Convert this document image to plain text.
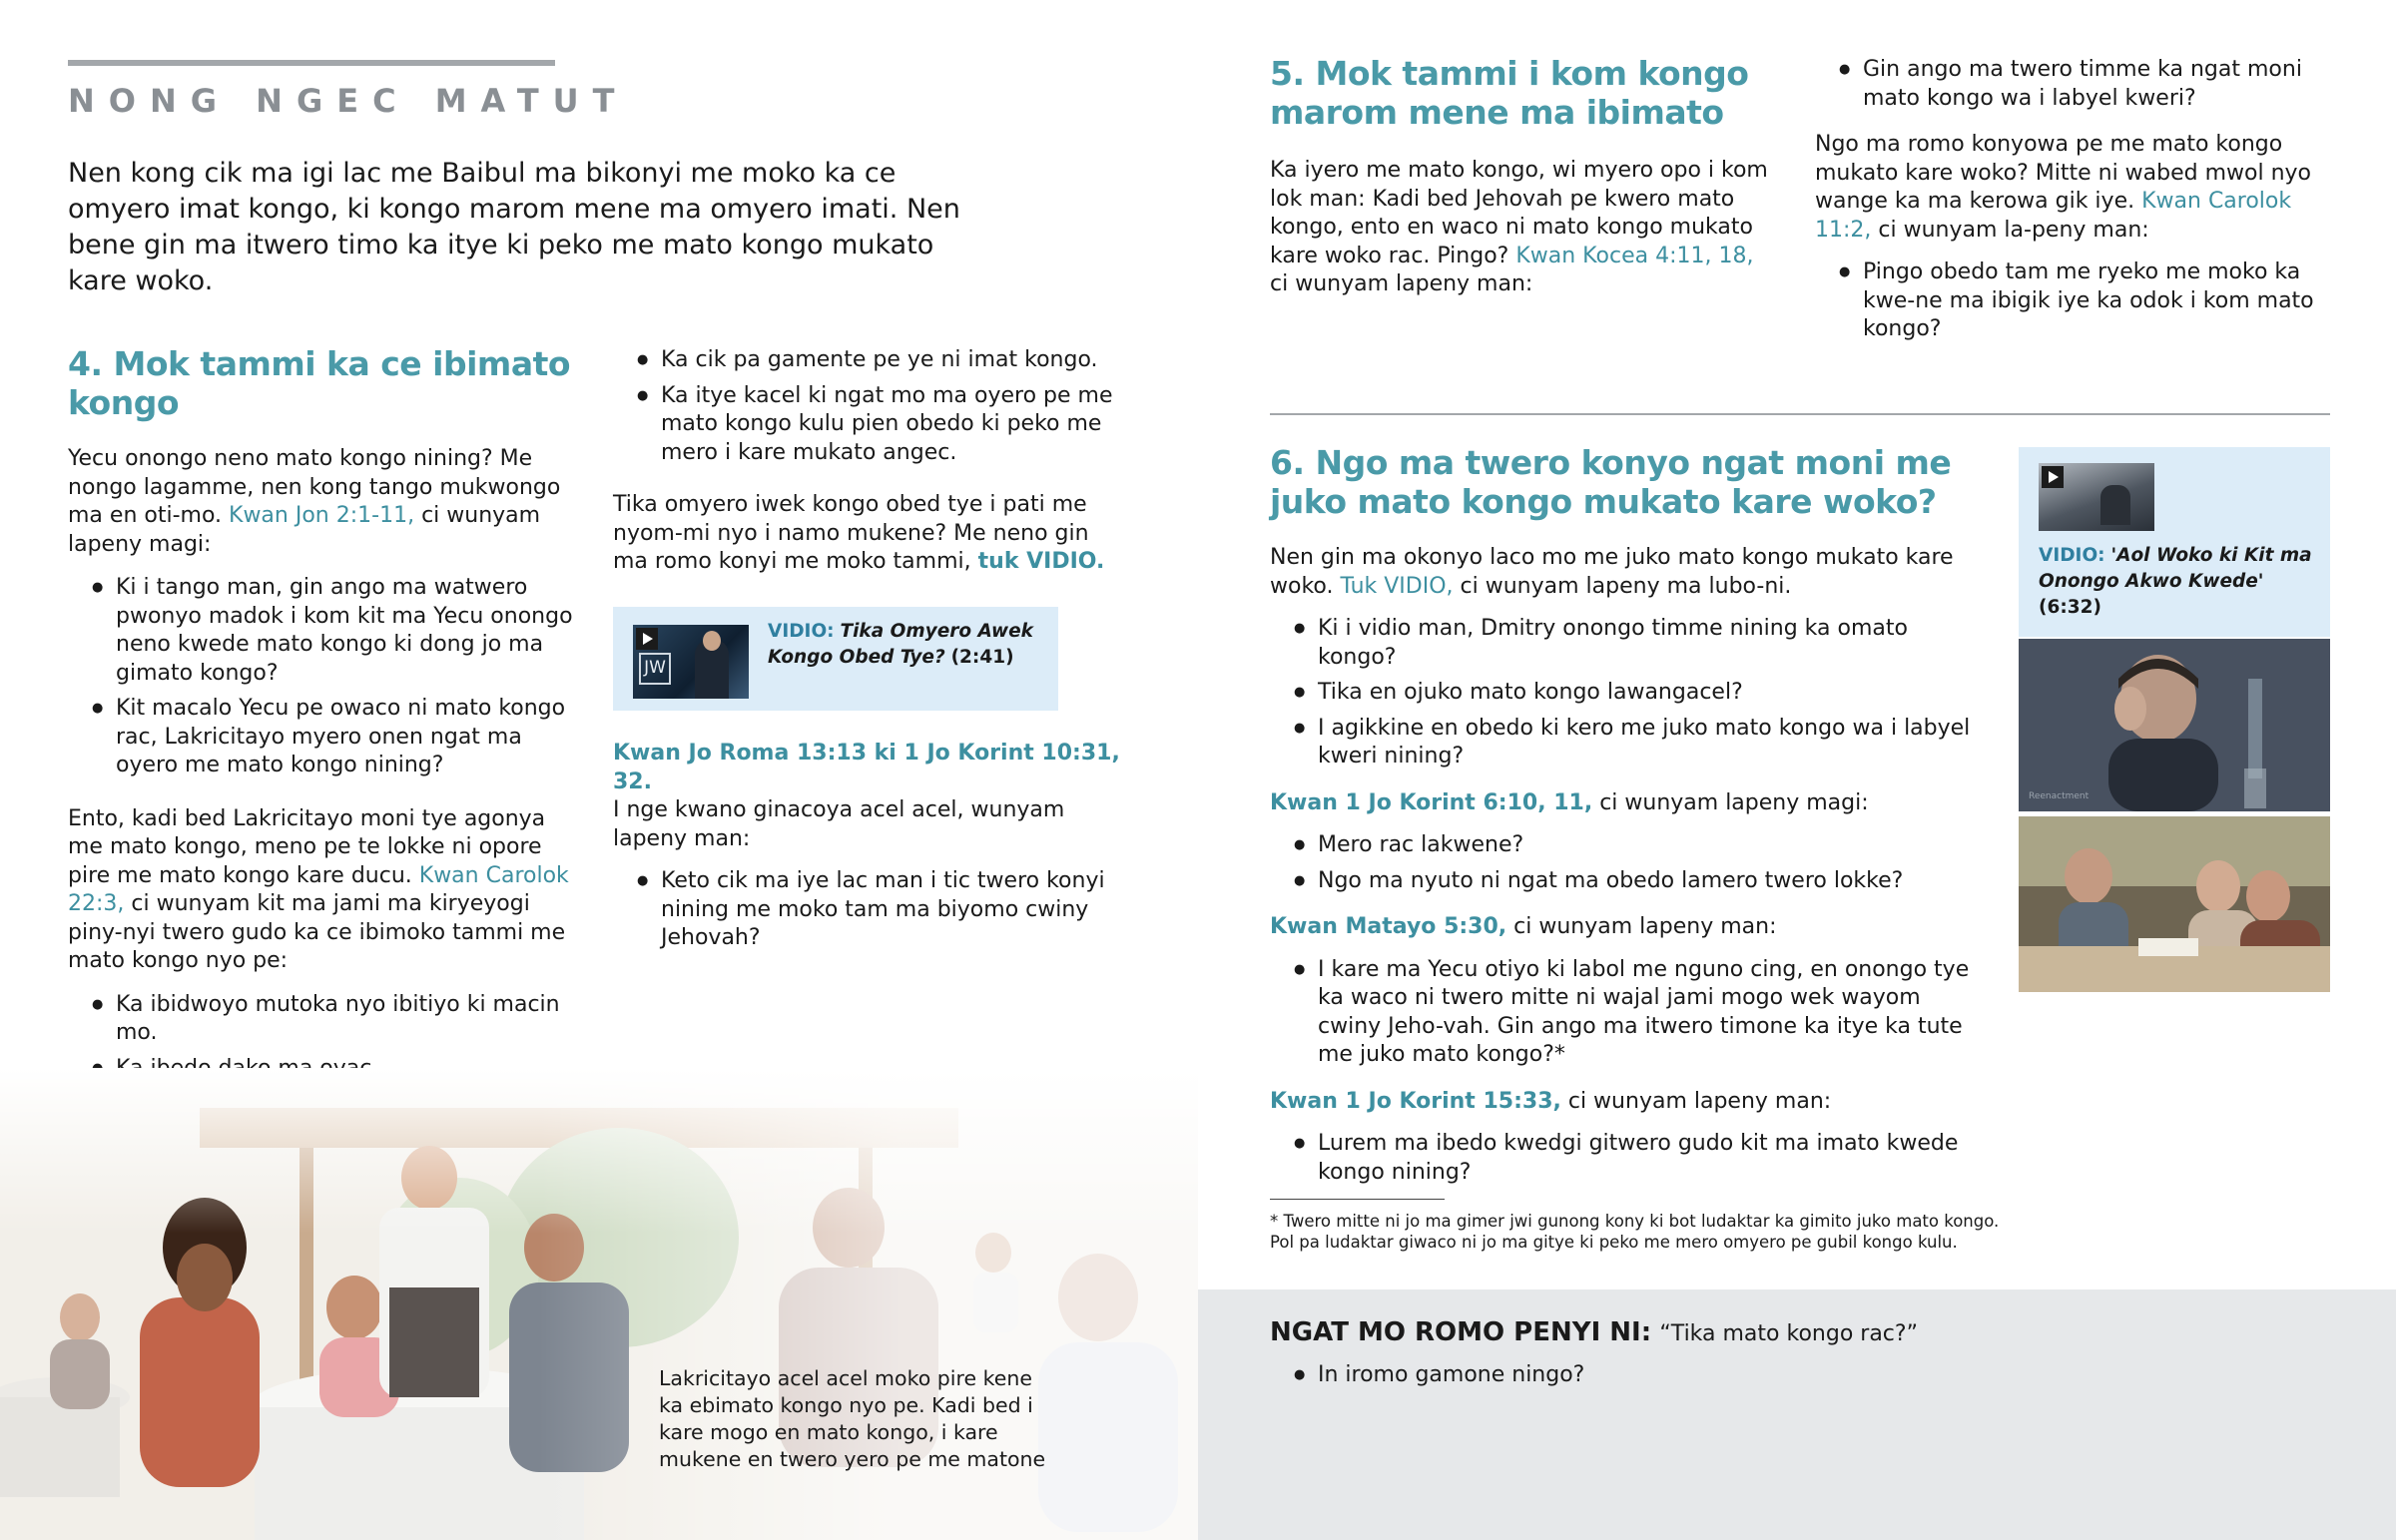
NONG NGEC MATUT

Nen kong cik ma igi lac me Baibul ma bikonyi me moko ka ce omyero imat kongo, ki kongo marom mene ma omyero imati. Nen bene gin ma itwero timo ka itye ki peko me mato kongo mukato kare woko.

4. Mok tammi ka ce ibimato
kongo

Yecu onongo neno mato kongo nining? Me nongo lagamme, nen kong tango mukwongo ma en oti-mo. Kwan Jon 2:1-11, ci wunyam lapeny magi:

● Ki i tango man, gin ango ma watwero pwonyo madok i kom kit ma Yecu onongo neno kwede mato kongo ki dong jo ma gimato kongo?
● Kit macalo Yecu pe owaco ni mato kongo rac, Lakricitayo myero onen ngat ma oyero me mato kongo nining?

Ento, kadi bed Lakricitayo moni tye agonya me mato kongo, meno pe te lokke ni opore pire me mato kongo kare ducu. Kwan Carolok 22:3, ci wunyam kit ma jami ma kiryeyogi piny-nyi twero gudo ka ce ibimoko tammi me mato kongo nyo pe:

● Ka ibidwoyo mutoka nyo ibitiyo ki macin mo.
●
●
●
● Ka cik pa gamente pe ye ni imat kongo.
● Ka itye kacel ki ngat mo ma oyero pe me mato kongo kulu pien obedo ki peko me mero i kare mukato angec.

Tika omyero iwek kongo obed tye i pati me nyom-mi nyo i namo mukene? Me neno gin ma romo konyi me moko tammi, tuk VIDIO.

JW
VIDIO: Tika Omyero Awek Kongo Obed Tye? (2:41)

Kwan Jo Roma 13:13 ki 1 Jo Korint 10:31, 32.

I nge kwano ginacoya acel acel, wunyam lapeny man:

● Keto cik ma iye lac man i tic twero konyi nining me moko tam ma biyomo cwiny Jehovah?

Lakricitayo acel acel moko pire kene ka ebimato kongo nyo pe. Kadi bed i kare mogo en mato kongo, i kare mukene en twero yero pe me matone

5. Mok tammi i kom kongo
marom mene ma ibimato

Ka iyero me mato kongo, wi myero opo i kom lok man: Kadi bed Jehovah pe kwero mato kongo, ento en waco ni mato kongo mukato kare woko rac. Pingo? Kwan Kocea 4:11, 18, ci wunyam lapeny man:

● Gin ango ma twero timme ka ngat moni mato kongo wa i labyel kweri?

Ngo ma romo konyowa pe me mato kongo mukato kare woko? Mitte ni wabed mwol nyo wange ka ma kerowa gik iye. Kwan Carolok 11:2, ci wunyam la-peny man:

● Pingo obedo tam me ryeko me moko ka kwe-ne ma ibigik iye ka odok i kom mato kongo?
6. Ngo ma twero konyo ngat moni me
juko mato kongo mukato kare woko?

Nen gin ma okonyo laco mo me juko mato kongo mukato kare woko. Tuk VIDIO, ci wunyam lapeny ma lubo-ni.

● Ki i vidio man, Dmitry onongo timme nining ka omato kongo?
● Tika en ojuko mato kongo lawangacel?
● I agikkine en obedo ki kero me juko mato kongo wa i labyel kweri nining?

Kwan 1 Jo Korint 6:10, 11, ci wunyam lapeny magi:

● Mero rac lakwene?
● Ngo ma nyuto ni ngat ma obedo lamero twero lokke?

Kwan Matayo 5:30, ci wunyam lapeny man:

● I kare ma Yecu otiyo ki labol me nguno cing, en onongo tye ka waco ni twero mitte ni wajal jami mogo wek wayom cwiny Jeho-vah. Gin ango ma itwero timone ka itye ka tute me juko mato kongo?*

Kwan 1 Jo Korint 15:33, ci wunyam lapeny man:

● Lurem ma ibedo kwedgi gitwero gudo kit ma imato kwede kongo nining?
* Twero mitte ni jo ma gimer jwi gunong kony ki bot ludaktar ka gimito juko mato kongo.
Pol pa ludaktar giwaco ni jo ma gitye ki peko me mero omyero pe gubil kongo kulu.
VIDIO: 'Aol Woko ki Kit ma Onongo Akwo Kwede' (6:32)
Reenactment
NGAT MO ROMO PENYI NI: “Tika mato kongo rac?”
● In iromo gamone ningo?
